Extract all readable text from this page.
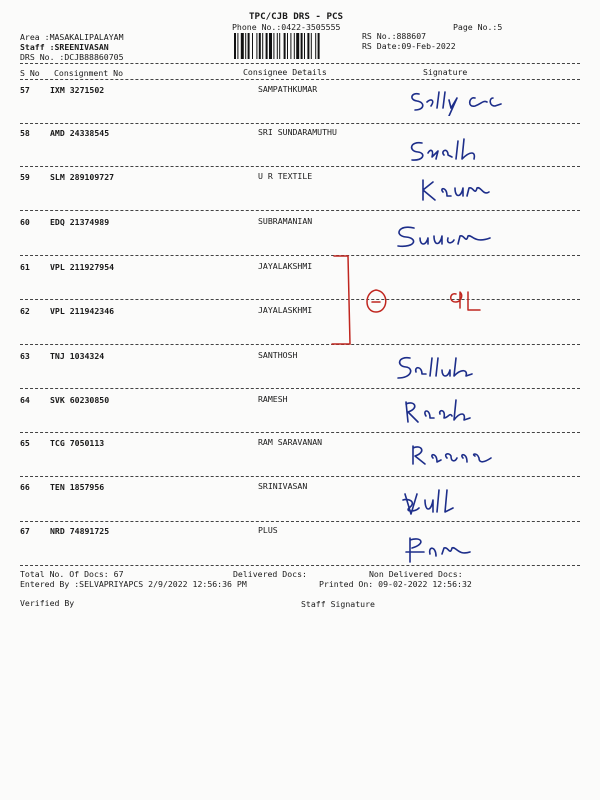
TPC/CJB DRS - PCS
Phone No.:0422-3505555	Page No.:5
Area :MASAKALIPALAYAM
Staff :SREENIVASAN
DRS No. :DCJB88860705
RS No.:888607
RS Date:09-Feb-2022
S No Consignment No	Consignee Details	Signature
57 IXM 3271502	SAMPATHKUMAR
58 AMD 24338545	SRI SUNDARAMUTHU
59 SLM 289109727	U R TEXTILE
60 EDQ 21374989	SUBRAMANIAN
61 VPL 211927954	JAYALAKSHMI
62 VPL 211942346	JAYALASKHMI
63 TNJ 1034324	SANTHOSH
64 SVK 60230850	RAMESH
65 TCG 7050113	RAM SARAVANAN
66 TEN 1857956	SRINIVASAN
67 NRD 74891725	PLUS
Total No. Of Docs: 67	Delivered Docs:	Non Delivered Docs:
Entered By :SELVAPRIYAPCS 2/9/2022 12:56:36 PM	Printed On: 09-02-2022 12:56:32
Verified By	Staff Signature
